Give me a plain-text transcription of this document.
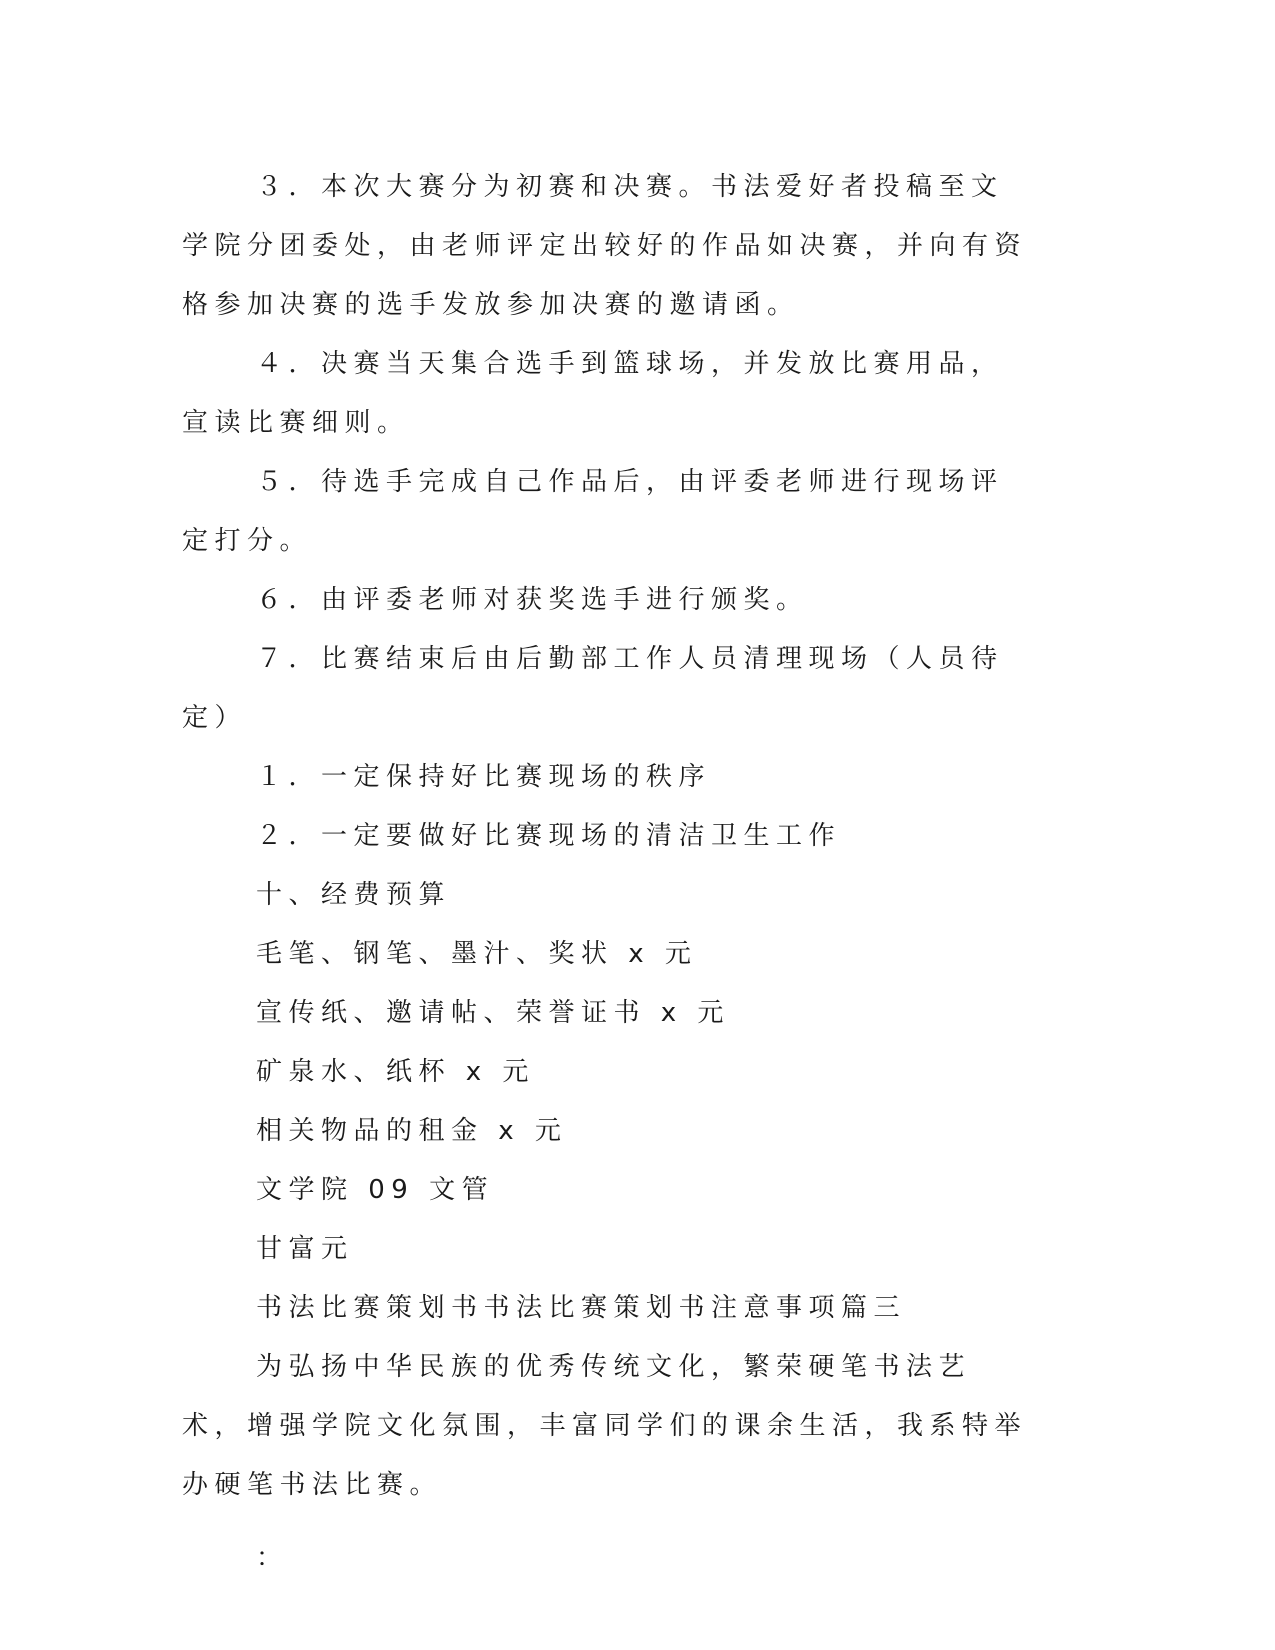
３．本次大赛分为初赛和决赛。书法爱好者投稿至文学院分团委处，由老师评定出较好的作品如决赛，并向有资格参加决赛的选手发放参加决赛的邀请函。

４．决赛当天集合选手到篮球场，并发放比赛用品，宣读比赛细则。

５．待选手完成自己作品后，由评委老师进行现场评定打分。

６．由评委老师对获奖选手进行颁奖。

７．比赛结束后由后勤部工作人员清理现场（人员待定）

１．一定保持好比赛现场的秩序

２．一定要做好比赛现场的清洁卫生工作

十、经费预算

毛笔、钢笔、墨汁、奖状 x 元

宣传纸、邀请帖、荣誉证书 x 元

矿泉水、纸杯 x 元

相关物品的租金 x 元

文学院 09 文管

甘富元

书法比赛策划书书法比赛策划书注意事项篇三

为弘扬中华民族的优秀传统文化，繁荣硬笔书法艺术，增强学院文化氛围，丰富同学们的课余生活，我系特举办硬笔书法比赛。

：
